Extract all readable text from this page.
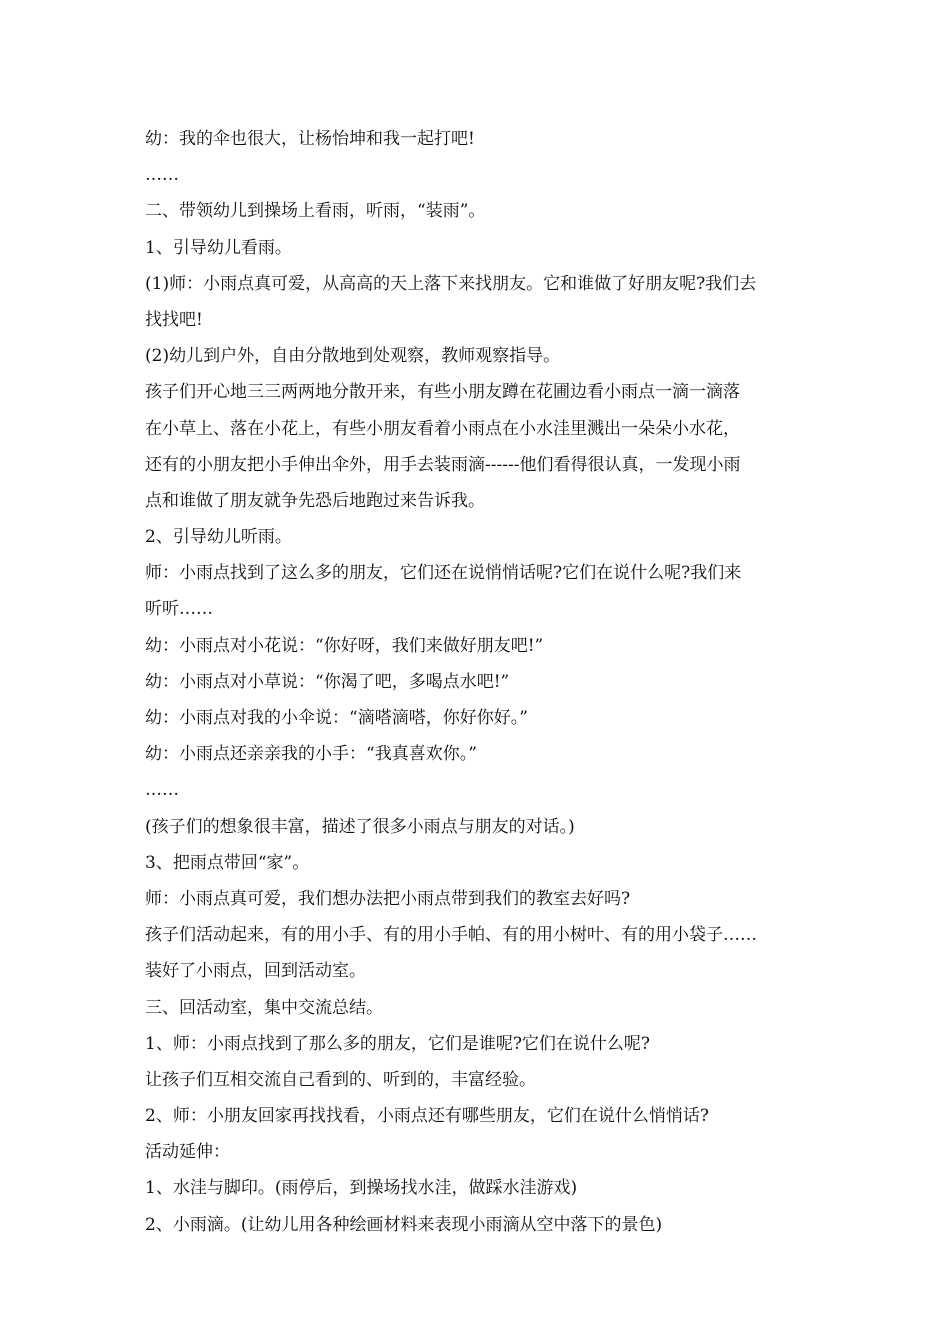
幼：我的伞也很大，让杨怡坤和我一起打吧!
……
二、带领幼儿到操场上看雨，听雨，“装雨”。
1、引导幼儿看雨。
(1)师：小雨点真可爱，从高高的天上落下来找朋友。它和谁做了好朋友呢?我们去
找找吧!
(2)幼儿到户外，自由分散地到处观察，教师观察指导。
孩子们开心地三三两两地分散开来，有些小朋友蹲在花圃边看小雨点一滴一滴落
在小草上、落在小花上，有些小朋友看着小雨点在小水洼里溅出一朵朵小水花，
还有的小朋友把小手伸出伞外，用手去装雨滴------他们看得很认真，一发现小雨
点和谁做了朋友就争先恐后地跑过来告诉我。
2、引导幼儿听雨。
师：小雨点找到了这么多的朋友，它们还在说悄悄话呢?它们在说什么呢?我们来
听听……
幼：小雨点对小花说：“你好呀，我们来做好朋友吧!”
幼：小雨点对小草说：“你渴了吧，多喝点水吧!”
幼：小雨点对我的小伞说：“滴嗒滴嗒，你好你好。”
幼：小雨点还亲亲我的小手：“我真喜欢你。”
……
(孩子们的想象很丰富，描述了很多小雨点与朋友的对话。)
3、把雨点带回“家”。
师：小雨点真可爱，我们想办法把小雨点带到我们的教室去好吗?
孩子们活动起来，有的用小手、有的用小手帕、有的用小树叶、有的用小袋子……
装好了小雨点，回到活动室。
三、回活动室，集中交流总结。
1、师：小雨点找到了那么多的朋友，它们是谁呢?它们在说什么呢?
让孩子们互相交流自己看到的、听到的，丰富经验。
2、师：小朋友回家再找找看，小雨点还有哪些朋友，它们在说什么悄悄话?
活动延伸：
1、水洼与脚印。(雨停后，到操场找水洼，做踩水洼游戏)
2、小雨滴。(让幼儿用各种绘画材料来表现小雨滴从空中落下的景色)
